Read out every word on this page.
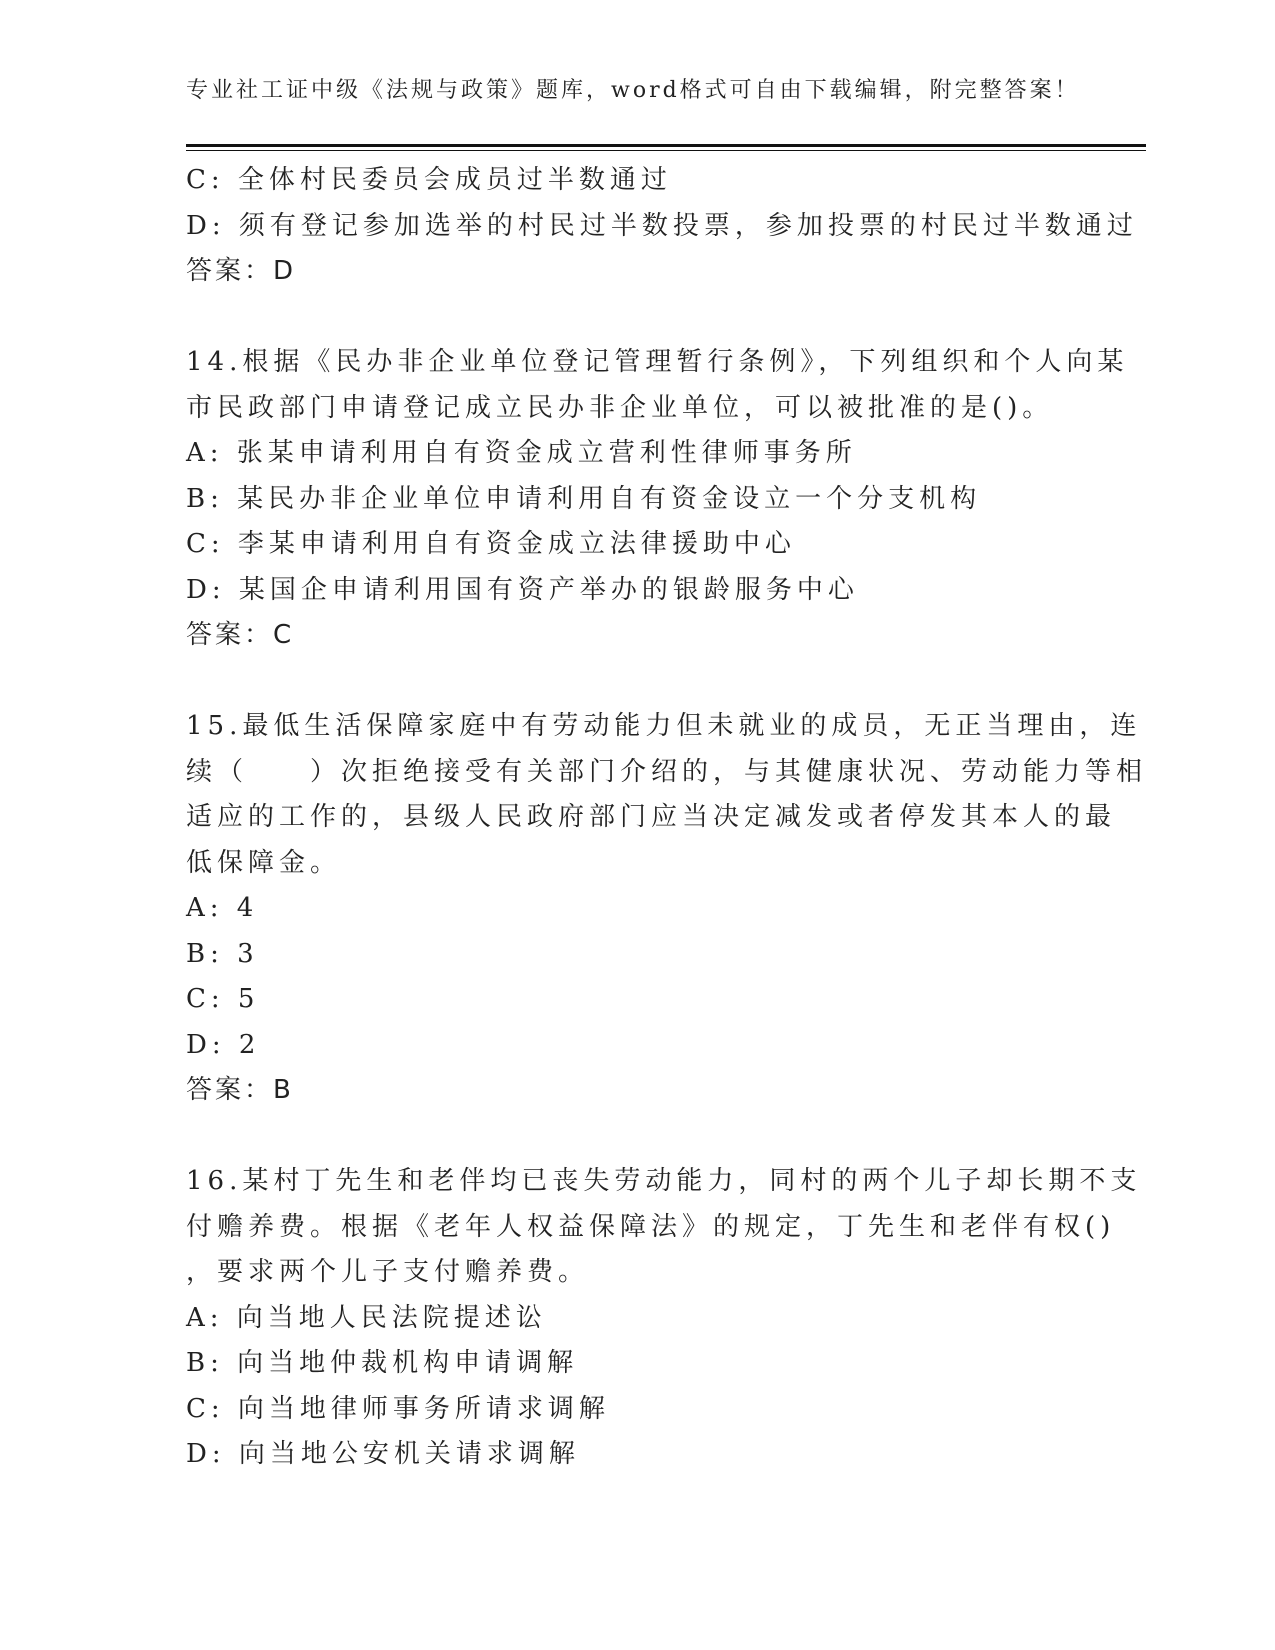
专业社工证中级《法规与政策》题库，word格式可自由下载编辑，附完整答案！
C: 全体村民委员会成员过半数通过
D: 须有登记参加选举的村民过半数投票，参加投票的村民过半数通过
答案：D
14.根据《民办非企业单位登记管理暂行条例》，下列组织和个人向某
市民政部门申请登记成立民办非企业单位，可以被批准的是()。
A: 张某申请利用自有资金成立营利性律师事务所
B: 某民办非企业单位申请利用自有资金设立一个分支机构
C: 李某申请利用自有资金成立法律援助中心
D: 某国企申请利用国有资产举办的银龄服务中心
答案：C
15.最低生活保障家庭中有劳动能力但未就业的成员，无正当理由，连
续（　　）次拒绝接受有关部门介绍的，与其健康状况、劳动能力等相
适应的工作的，县级人民政府部门应当决定减发或者停发其本人的最
低保障金。
A: 4
B: 3
C: 5
D: 2
答案：B
16.某村丁先生和老伴均已丧失劳动能力，同村的两个儿子却长期不支
付赡养费。根据《老年人权益保障法》的规定，丁先生和老伴有权()
，要求两个儿子支付赡养费。
A: 向当地人民法院提述讼
B: 向当地仲裁机构申请调解
C: 向当地律师事务所请求调解
D: 向当地公安机关请求调解
